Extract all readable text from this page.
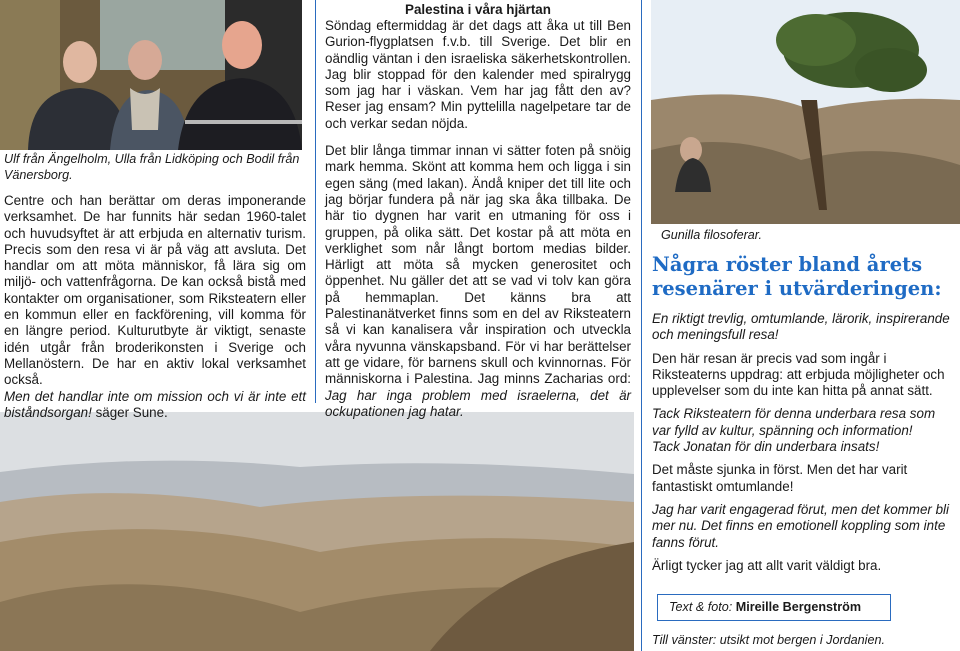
Ulf från Ängelholm, Ulla från Lidköping och Bodil från Vänersborg.

Centre och han berättar om deras imponerande verksamhet. De har funnits här sedan 1960-talet och huvudsyftet är att erbjuda en alternativ turism. Precis som den resa vi är på väg att avsluta. Det handlar om att möta människor, få lära sig om miljö- och vattenfrågorna. De kan också bistå med kontakter om organisationer, som Riksteatern eller en kommun eller en fackförening, vill komma för en längre period. Kulturutbyte är viktigt, senaste idén utgår från broderikonsten i Sverige och Mellanöstern. De har en aktiv lokal verksamhet också.

Men det handlar inte om mission och vi är inte ett biståndsorgan! säger Sune.

Palestina i våra hjärtan

Söndag eftermiddag är det dags att åka ut till Ben Gurion-flygplatsen f.v.b. till Sverige. Det blir en oändlig väntan i den israeliska säkerhetskontrollen. Jag blir stoppad för den kalender med spiralrygg som jag har i väskan. Vem har jag fått den av? Reser jag ensam? Min pyttelilla nagelpetare tar de och verkar sedan nöjda.

Det blir långa timmar innan vi sätter foten på snöig mark hemma. Skönt att komma hem och ligga i sin egen säng (med lakan). Ändå kniper det till lite och jag börjar fundera på när jag ska åka tillbaka. De här tio dygnen har varit en utmaning för oss i gruppen, på olika sätt. Det kostar på att möta en verklighet som når långt bortom medias bilder. Härligt att möta så mycken generositet och öppenhet. Nu gäller det att se vad vi tolv kan göra på hemmaplan. Det känns bra att Palestinanätverket finns som en del av Riksteatern så vi kan kanalisera vår inspiration och utveckla våra nyvunna vänskapsband. För vi har berättelser att ge vidare, för barnens skull och kvinnornas. För människorna i Palestina. Jag minns Zacharias ord: Jag har inga problem med israelerna, det är ockupationen jag hatar.

Gunilla filosoferar.
Några röster bland årets resenärer i utvärderingen:

En riktigt trevlig, omtumlande, lärorik, inspirerande och meningsfull resa!

Den här resan är precis vad som ingår i Riksteaterns uppdrag: att erbjuda möjligheter och upplevelser som du inte kan hitta på annat sätt.

Tack Riksteatern för denna underbara resa som var fylld av kultur, spänning och information!

Tack Jonatan för din underbara insats!

Det måste sjunka in först. Men det har varit fantastiskt omtumlande!

Jag har varit engagerad förut, men det kommer bli mer nu. Det finns en emotionell koppling som inte fanns förut.

Ärligt tycker jag att allt varit väldigt bra.

Text & foto: Mireille Bergenström
Till vänster: utsikt mot bergen i Jordanien.
